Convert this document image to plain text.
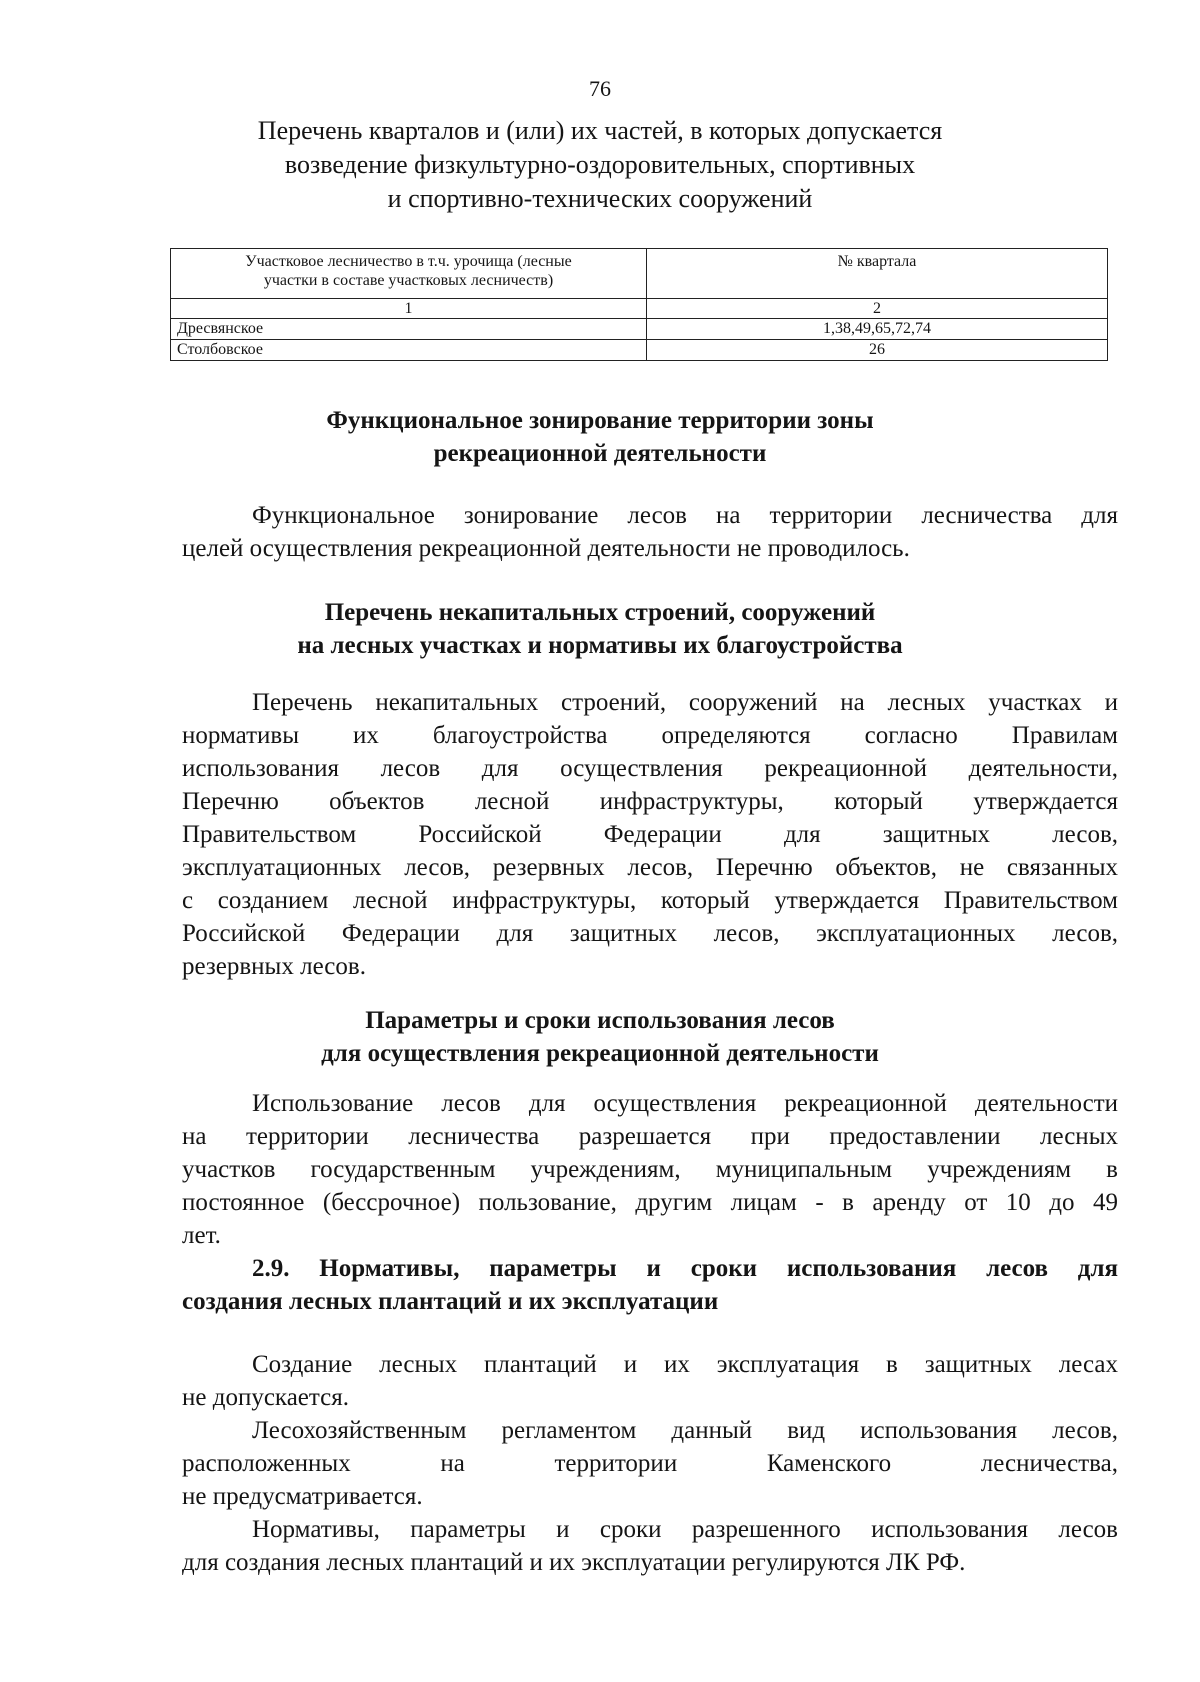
76
Перечень кварталов и (или) их частей, в которых допускается
возведение физкультурно-оздоровительных, спортивных
и спортивно-технических сооружений
Участковое лесничество в т.ч. урочища (лесные
участки в составе участковых лесничеств)	№ квартала
1	2
Дресвянское	1,38,49,65,72,74
Столбовское	26
Функциональное зонирование территории зоны
рекреационной деятельности
Функциональное зонирование лесов на территории лесничества для
целей осуществления рекреационной деятельности не проводилось.
Перечень некапитальных строений, сооружений
на лесных участках и нормативы их благоустройства
Перечень некапитальных строений, сооружений на лесных участках и
нормативы их благоустройства определяются согласно Правилам
использования лесов для осуществления рекреационной деятельности,
Перечню объектов лесной инфраструктуры, который утверждается
Правительством Российской Федерации для защитных лесов,
эксплуатационных лесов, резервных лесов, Перечню объектов, не связанных
с созданием лесной инфраструктуры, который утверждается Правительством
Российской Федерации для защитных лесов, эксплуатационных лесов,
резервных лесов.
Параметры и сроки использования лесов
для осуществления рекреационной деятельности
Использование лесов для осуществления рекреационной деятельности
на территории лесничества разрешается при предоставлении лесных
участков государственным учреждениям, муниципальным учреждениям в
постоянное (бессрочное) пользование, другим лицам - в аренду от 10 до 49
лет.
2.9. Нормативы, параметры и сроки использования лесов для
создания лесных плантаций и их эксплуатации
Создание лесных плантаций и их эксплуатация в защитных лесах
не допускается.
Лесохозяйственным регламентом данный вид использования лесов,
расположенных на территории Каменского лесничества,
не предусматривается.
Нормативы, параметры и сроки разрешенного использования лесов
для создания лесных плантаций и их эксплуатации регулируются ЛК РФ.
